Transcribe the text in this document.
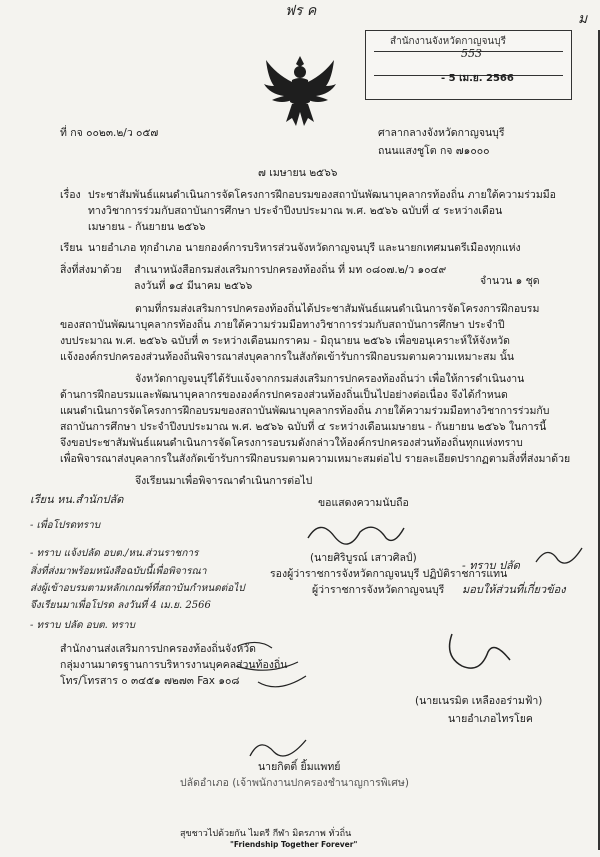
ฟร ค	ม
สำนักงานจังหวัดกาญจนบุรี
553
- 5 เม.ย. 2566
ที่ กจ ๐๐๒๓.๒/ว ๐๕๗	ศาลากลางจังหวัดกาญจนบุรี
ถนนแสงชูโต กจ ๗๑๐๐๐
๗ เมษายน ๒๕๖๖
เรื่อง ประชาสัมพันธ์แผนดำเนินการจัดโครงการฝึกอบรมของสถาบันพัฒนาบุคลากรท้องถิ่น ภายใต้ความร่วมมือ
ทางวิชาการร่วมกับสถาบันการศึกษา ประจำปีงบประมาณ พ.ศ. ๒๕๖๖ ฉบับที่ ๔ ระหว่างเดือน
เมษายน - กันยายน ๒๕๖๖
เรียน นายอำเภอ ทุกอำเภอ นายกองค์การบริหารส่วนจังหวัดกาญจนบุรี และนายกเทศมนตรีเมืองทุกแห่ง
สิ่งที่ส่งมาด้วย สำเนาหนังสือกรมส่งเสริมการปกครองท้องถิ่น ที่ มท ๐๘๐๗.๒/ว ๑๐๔๙
ลงวันที่ ๑๔ มีนาคม ๒๕๖๖	จำนวน ๑ ชุด
ตามที่กรมส่งเสริมการปกครองท้องถิ่นได้ประชาสัมพันธ์แผนดำเนินการจัดโครงการฝึกอบรม
ของสถาบันพัฒนาบุคลากรท้องถิ่น ภายใต้ความร่วมมือทางวิชาการร่วมกับสถาบันการศึกษา ประจำปี
งบประมาณ พ.ศ. ๒๕๖๖ ฉบับที่ ๓ ระหว่างเดือนมกราคม - มิถุนายน ๒๕๖๖ เพื่อขอนุเคราะห์ให้จังหวัด
แจ้งองค์กรปกครองส่วนท้องถิ่นพิจารณาส่งบุคลากรในสังกัดเข้ารับการฝึกอบรมตามความเหมาะสม นั้น
จังหวัดกาญจนบุรีได้รับแจ้งจากกรมส่งเสริมการปกครองท้องถิ่นว่า เพื่อให้การดำเนินงาน
ด้านการฝึกอบรมและพัฒนาบุคลากรขององค์กรปกครองส่วนท้องถิ่นเป็นไปอย่างต่อเนื่อง จึงได้กำหนด
แผนดำเนินการจัดโครงการฝึกอบรมของสถาบันพัฒนาบุคลากรท้องถิ่น ภายใต้ความร่วมมือทางวิชาการร่วมกับ
สถาบันการศึกษา ประจำปีงบประมาณ พ.ศ. ๒๕๖๖ ฉบับที่ ๔ ระหว่างเดือนเมษายน - กันยายน ๒๕๖๖ ในการนี้
จึงขอประชาสัมพันธ์แผนดำเนินการจัดโครงการอบรมดังกล่าวให้องค์กรปกครองส่วนท้องถิ่นทุกแห่งทราบ
เพื่อพิจารณาส่งบุคลากรในสังกัดเข้ารับการฝึกอบรมตามความเหมาะสมต่อไป รายละเอียดปรากฏตามสิ่งที่ส่งมาด้วย
จึงเรียนมาเพื่อพิจารณาดำเนินการต่อไป
เรียน หน.สำนักปลัด
- เพื่อโปรดทราบ
- ทราบ แจ้งปลัด อบต./หน.ส่วนราชการ
สิ่งที่ส่งมาพร้อมหนังสือฉบับนี้เพื่อพิจารณา
ส่งผู้เข้าอบรมตามหลักเกณฑ์ที่สถาบันกำหนดต่อไป
จึงเรียนมาเพื่อโปรด ลงวันที่ 4 เม.ย. 2566
- ทราบ ปลัด อบต. ทราบ
ขอแสดงความนับถือ
(นายศิริบูรณ์ เสาวศิลป์)
รองผู้ว่าราชการจังหวัดกาญจนบุรี ปฏิบัติราชการแทน
ผู้ว่าราชการจังหวัดกาญจนบุรี
- ทราบ ปลัด
มอบให้ส่วนที่เกี่ยวข้อง
สำนักงานส่งเสริมการปกครองท้องถิ่นจังหวัด
กลุ่มงานมาตรฐานการบริหารงานบุคคลส่วนท้องถิ่น
โทร/โทรสาร ๐ ๓๔๕๑ ๗๒๗๓ Fax ๑๐๘
(นายเนรมิต เหลืองอร่ามฟ้า)
นายอำเภอไทรโยค
นายกิตติ์ ยิ้มแพทย์
ปลัดอำเภอ (เจ้าพนักงานปกครองชำนาญการพิเศษ)
สุขชาวไปด้วยกัน ไมตรี กีฬา มิตรภาพ ทั่วถิ่น
"Friendship Together Forever"
